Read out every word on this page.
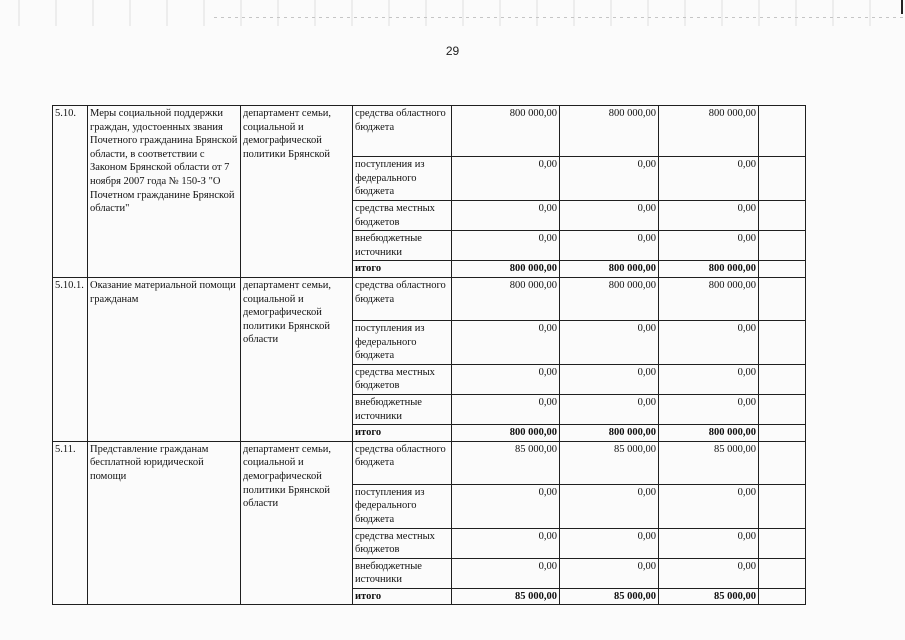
29
5.10.	Меры социальной поддержки граждан, удостоенных звания Почетного гражданина Брянской области, в соответствии с Законом Брянской области от 7 ноября 2007 года № 150-З "О Почетном гражданине Брянской области"	департамент семьи, социальной и демографической политики Брянской	средства областного бюджета	800 000,00	800 000,00	800 000,00	
			поступления из федерального бюджета	0,00	0,00	0,00	
			средства местных бюджетов	0,00	0,00	0,00	
			внебюджетные источники	0,00	0,00	0,00	
			итого	800 000,00	800 000,00	800 000,00	
5.10.1.	Оказание материальной помощи гражданам	департамент семьи, социальной и демографической политики Брянской области	средства областного бюджета	800 000,00	800 000,00	800 000,00	
			поступления из федерального бюджета	0,00	0,00	0,00	
			средства местных бюджетов	0,00	0,00	0,00	
			внебюджетные источники	0,00	0,00	0,00	
			итого	800 000,00	800 000,00	800 000,00	
5.11.	Представление гражданам бесплатной юридической помощи	департамент семьи, социальной и демографической политики Брянской области	средства областного бюджета	85 000,00	85 000,00	85 000,00	
			поступления из федерального бюджета	0,00	0,00	0,00	
			средства местных бюджетов	0,00	0,00	0,00	
			внебюджетные источники	0,00	0,00	0,00	
			итого	85 000,00	85 000,00	85 000,00	
